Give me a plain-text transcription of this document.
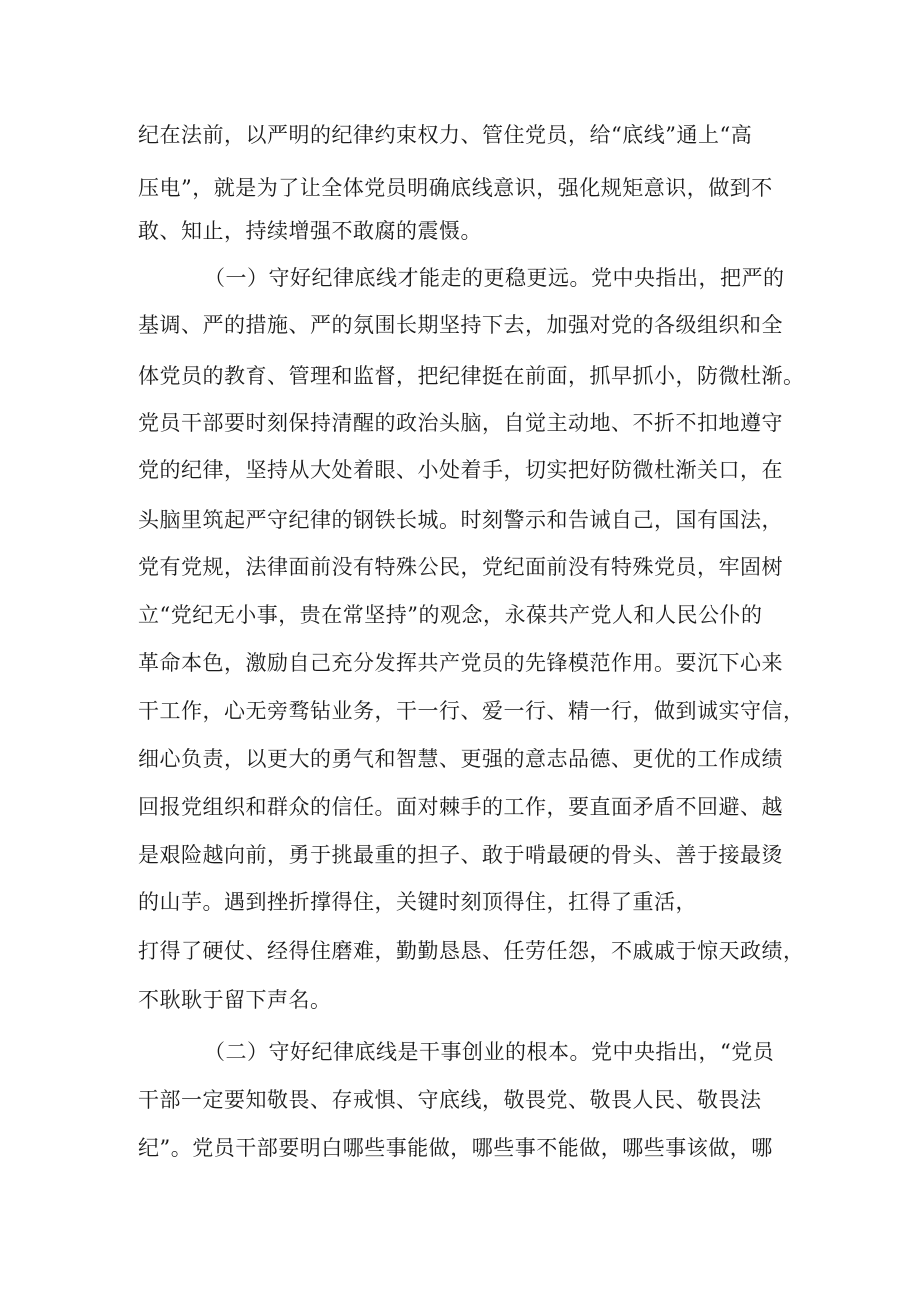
纪在法前，以严明的纪律约束权力、管住党员，给“底线”通上“高
压电”，就是为了让全体党员明确底线意识，强化规矩意识，做到不
敢、知止，持续增强不敢腐的震慑。
（一）守好纪律底线才能走的更稳更远。党中央指出，把严的
基调、严的措施、严的氛围长期坚持下去，加强对党的各级组织和全
体党员的教育、管理和监督，把纪律挺在前面，抓早抓小，防微杜渐。
党员干部要时刻保持清醒的政治头脑，自觉主动地、不折不扣地遵守
党的纪律，坚持从大处着眼、小处着手，切实把好防微杜渐关口，在
头脑里筑起严守纪律的钢铁长城。时刻警示和告诫自己，国有国法，
党有党规，法律面前没有特殊公民，党纪面前没有特殊党员，牢固树
立“党纪无小事，贵在常坚持”的观念，永葆共产党人和人民公仆的
革命本色，激励自己充分发挥共产党员的先锋模范作用。要沉下心来
干工作，心无旁骛钻业务，干一行、爱一行、精一行，做到诚实守信，
细心负责，以更大的勇气和智慧、更强的意志品德、更优的工作成绩
回报党组织和群众的信任。面对棘手的工作，要直面矛盾不回避、越
是艰险越向前，勇于挑最重的担子、敢于啃最硬的骨头、善于接最烫
的山芋。遇到挫折撑得住，关键时刻顶得住，扛得了重活，
打得了硬仗、经得住磨难，勤勤恳恳、任劳任怨，不戚戚于惊天政绩，
不耿耿于留下声名。
（二）守好纪律底线是干事创业的根本。党中央指出，“党员
干部一定要知敬畏、存戒惧、守底线，敬畏党、敬畏人民、敬畏法
纪”。党员干部要明白哪些事能做，哪些事不能做，哪些事该做，哪
